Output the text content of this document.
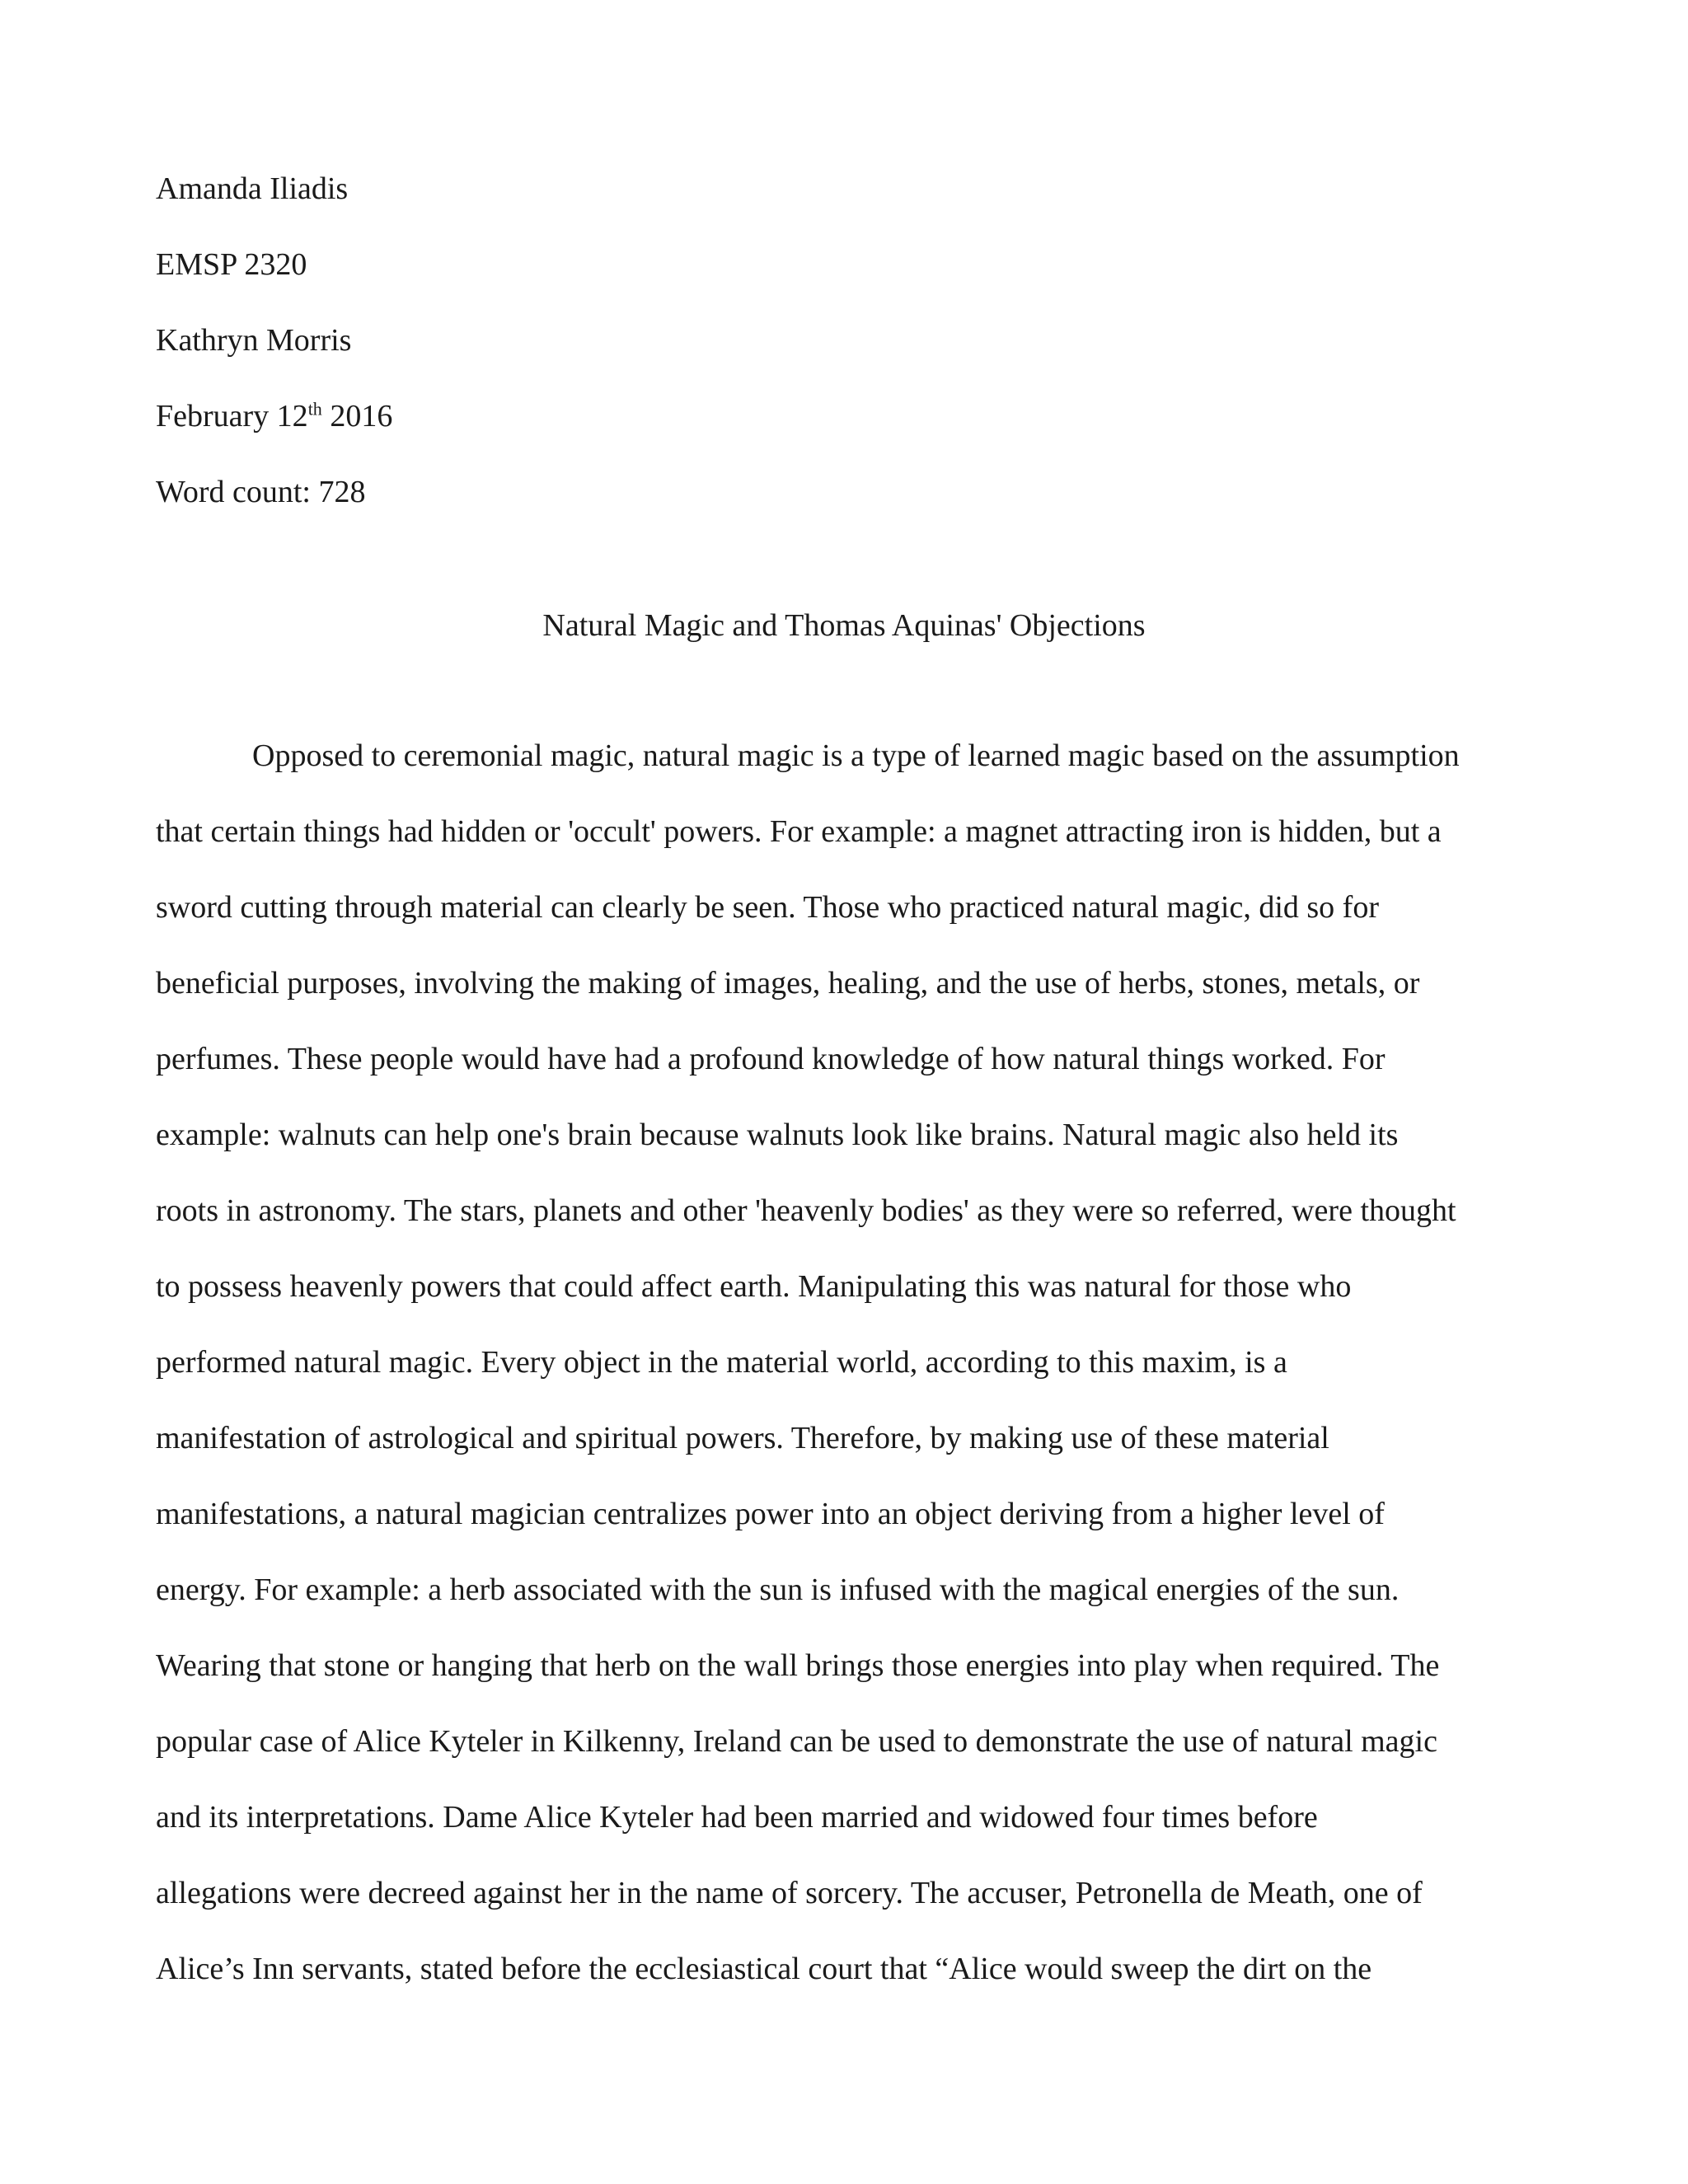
Amanda Iliadis
EMSP 2320
Kathryn Morris
February 12th 2016
Word count: 728
Natural Magic and Thomas Aquinas' Objections
Opposed to ceremonial magic, natural magic is a type of learned magic based on the assumption
that certain things had hidden or 'occult' powers. For example: a magnet attracting iron is hidden, but a
sword cutting through material can clearly be seen. Those who practiced natural magic, did so for
beneficial purposes, involving the making of images, healing, and the use of herbs, stones, metals, or
perfumes. These people would have had a profound knowledge of how natural things worked. For
example: walnuts can help one's brain because walnuts look like brains. Natural magic also held its
roots in astronomy. The stars, planets and other 'heavenly bodies' as they were so referred, were thought
to possess heavenly powers that could affect earth. Manipulating this was natural for those who
performed natural magic. Every object in the material world, according to this maxim, is a
manifestation of astrological and spiritual powers. Therefore, by making use of these material
manifestations, a natural magician centralizes power into an object deriving from a higher level of
energy. For example: a herb associated with the sun is infused with the magical energies of the sun.
Wearing that stone or hanging that herb on the wall brings those energies into play when required. The
popular case of Alice Kyteler in Kilkenny, Ireland can be used to demonstrate the use of natural magic
and its interpretations. Dame Alice Kyteler had been married and widowed four times before
allegations were decreed against her in the name of sorcery. The accuser, Petronella de Meath, one of
Alice’s Inn servants, stated before the ecclesiastical court that “Alice would sweep the dirt on the
